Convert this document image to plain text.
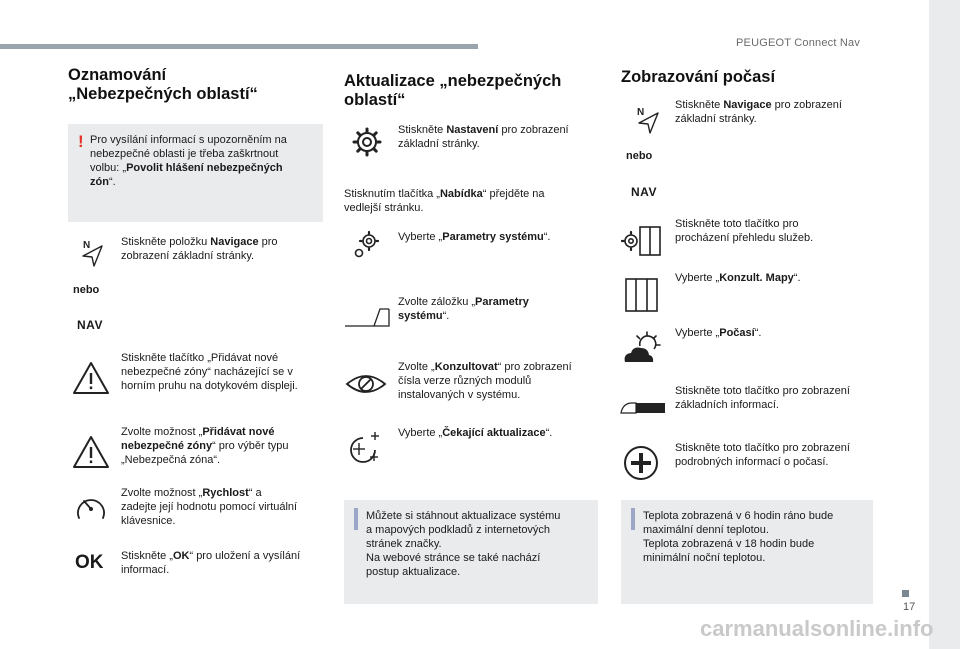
PEUGEOT Connect Nav
17
carmanualsonline.info
Oznamování
„Nebezpečných oblastí“
! Pro vysílání informací s upozorněním na
nebezpečné oblasti je třeba zaškrtnout
volbu: „Povolit hlášení nebezpečných
zón“.
N	Stiskněte položku Navigace pro
zobrazení základní stránky.
nebo
NAV
Stiskněte tlačítko „Přidávat nové
nebezpečné zóny“ nacházející se v
horním pruhu na dotykovém displeji.
Zvolte možnost „Přidávat nové
nebezpečné zóny“ pro výběr typu
„Nebezpečná zóna“.
Zvolte možnost „Rychlost“ a
zadejte její hodnotu pomocí virtuální
klávesnice.
OK Stiskněte „OK“ pro uložení a vysílání
informací.
Aktualizace „nebezpečných
oblastí“
Stiskněte Nastavení pro zobrazení
základní stránky.
Stisknutím tlačítka „Nabídka“ přejděte na
vedlejší stránku.
Vyberte „Parametry systému“.
Zvolte záložku „Parametry
systému“.
Zvolte „Konzultovat“ pro zobrazení
čísla verze různých modulů
instalovaných v systému.
Vyberte „Čekající aktualizace“.
Můžete si stáhnout aktualizace systému
a mapových podkladů z internetových
stránek značky.
Na webové stránce se také nachází
postup aktualizace.
Zobrazování počasí
N
Stiskněte Navigace pro zobrazení
základní stránky.
nebo
NAV
Stiskněte toto tlačítko pro
procházení přehledu služeb.
Vyberte „Konzult. Mapy“.
Vyberte „Počasí“.
Stiskněte toto tlačítko pro zobrazení
základních informací.
Stiskněte toto tlačítko pro zobrazení
podrobných informací o počasí.
Teplota zobrazená v 6 hodin ráno bude
maximální denní teplotou.
Teplota zobrazená v 18 hodin bude
minimální noční teplotou.
